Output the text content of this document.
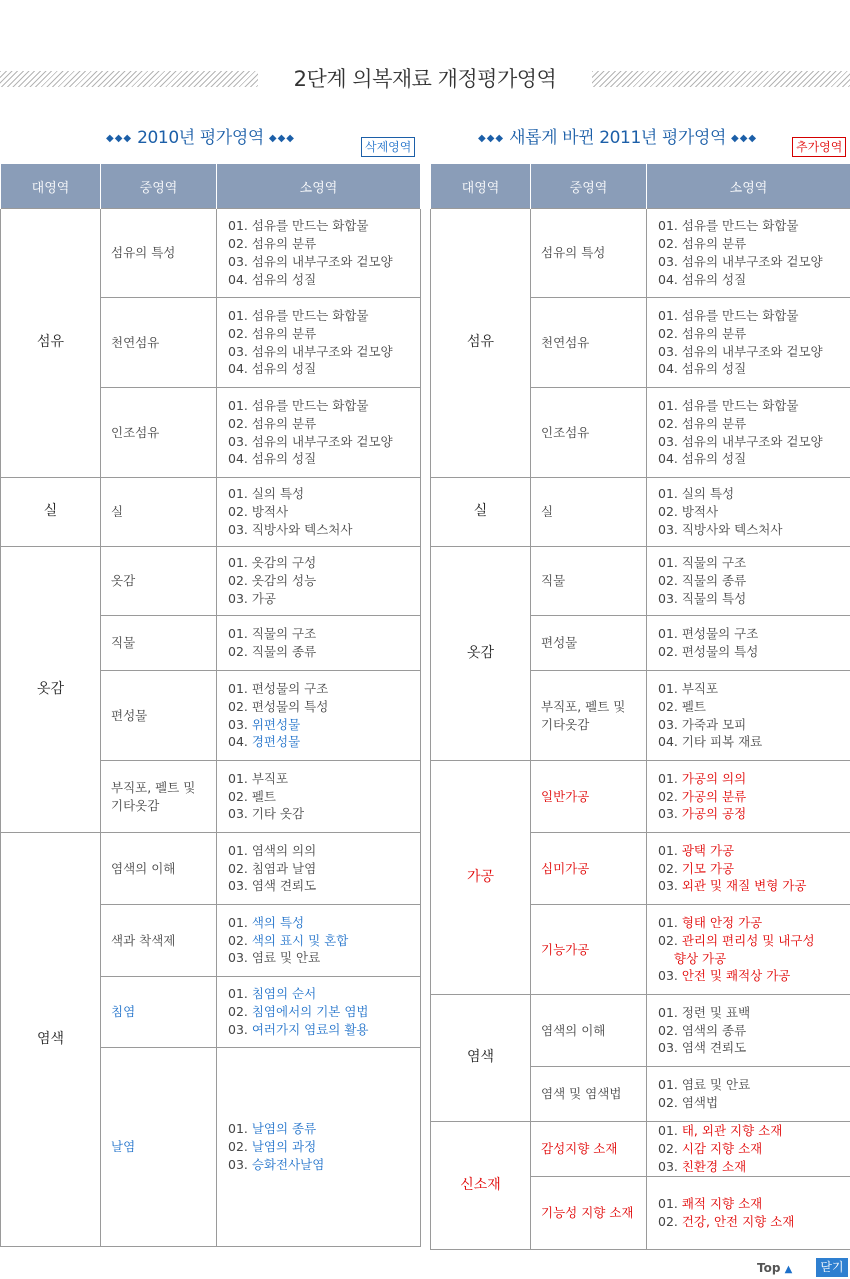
2단계 의복재료 개정평가영역
◆◆◆ 2010년 평가영역 ◆◆◆
삭제영역
◆◆◆ 새롭게 바뀐 2011년 평가영역 ◆◆◆
추가영역
대영역	중영역	소영역
섬유	섬유의 특성	01. 섬유를 만드는 화합물
02. 섬유의 분류
03. 섬유의 내부구조와 겉모양
04. 섬유의 성질

	천연섬유	01. 섬유를 만드는 화합물
02. 섬유의 분류
03. 섬유의 내부구조와 겉모양
04. 섬유의 성질

	인조섬유	01. 섬유를 만드는 화합물
02. 섬유의 분류
03. 섬유의 내부구조와 겉모양
04. 섬유의 성질

실	실	01. 실의 특성
02. 방적사
03. 직방사와 텍스처사

옷감	옷감	01. 옷감의 구성
02. 옷감의 성능
03. 가공

	직물	01. 직물의 구조
02. 직물의 종류

	편성물	01. 편성물의 구조
02. 편성물의 특성
03. 위편성물
04. 경편성물

	부직포, 펠트 및 기타옷감	01. 부직포
02. 펠트
03. 기타 옷감

염색	염색의 이해	01. 염색의 의의
02. 침염과 날염
03. 염색 견뢰도

	색과 착색제	01. 색의 특성
02. 색의 표시 및 혼합
03. 염료 및 안료

	침염	01. 침염의 순서
02. 침염에서의 기본 염법
03. 여러가지 염료의 활용

	날염	01. 날염의 종류
02. 날염의 과정
03. 승화전사날염
대영역	중영역	소영역
섬유	섬유의 특성	01. 섬유를 만드는 화합물
02. 섬유의 분류
03. 섬유의 내부구조와 겉모양
04. 섬유의 성질

	천연섬유	01. 섬유를 만드는 화합물
02. 섬유의 분류
03. 섬유의 내부구조와 겉모양
04. 섬유의 성질

	인조섬유	01. 섬유를 만드는 화합물
02. 섬유의 분류
03. 섬유의 내부구조와 겉모양
04. 섬유의 성질

실	실	01. 실의 특성
02. 방적사
03. 직방사와 텍스처사

옷감	직물	01. 직물의 구조
02. 직물의 종류
03. 직물의 특성

	편성물	01. 편성물의 구조
02. 편성물의 특성

	부직포, 펠트 및 기타옷감	01. 부직포
02. 펠트
03. 가죽과 모피
04. 기타 피복 재료

가공	일반가공	01. 가공의 의의
02. 가공의 분류
03. 가공의 공정

	심미가공	01. 광택 가공
02. 기모 가공
03. 외관 및 재질 변형 가공

	기능가공	01. 형태 안정 가공
02. 관리의 편리성 및 내구성
향상 가공
03. 안전 및 쾌적상 가공

염색	염색의 이해	01. 정련 및 표백
02. 염색의 종류
03. 염색 견뢰도

	염색 및 염색법	01. 염료 및 안료
02. 염색법

신소재	감성지향 소재	01. 태, 외관 지향 소재
02. 시감 지향 소재
03. 친환경 소재

	기능성 지향 소재	01. 쾌적 지향 소재
02. 건강, 안전 지향 소재
Top ▲	닫기
